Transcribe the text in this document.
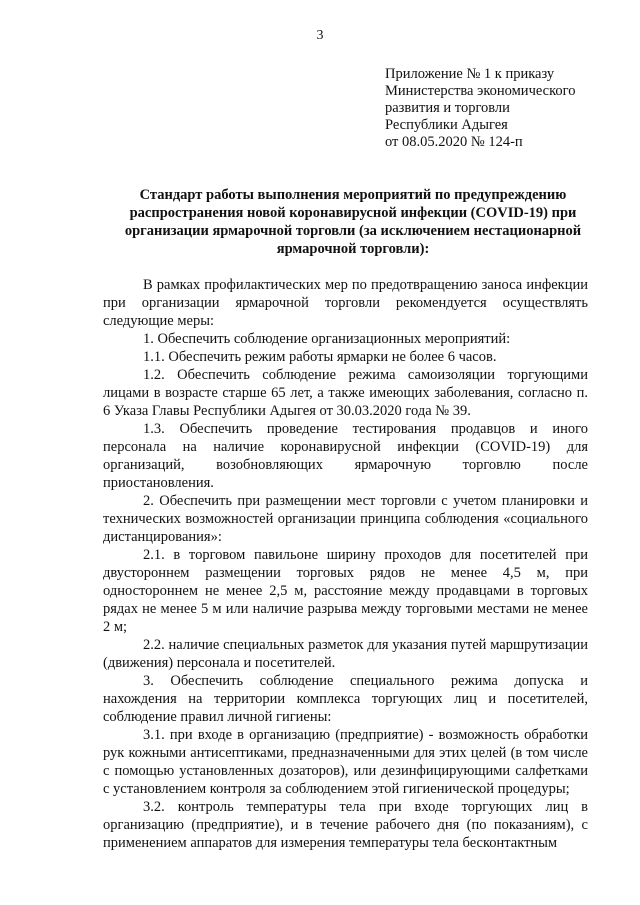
3
Приложение № 1 к приказу
Министерства экономического
развития и торговли
Республики Адыгея
от 08.05.2020 № 124-п
Стандарт работы выполнения мероприятий по предупреждению распространения новой коронавирусной инфекции (COVID-19) при организации ярмарочной торговли (за исключением нестационарной ярмарочной торговли):

В рамках профилактических мер по предотвращению заноса инфекции при организации ярмарочной торговли рекомендуется осуществлять следующие меры:

1. Обеспечить соблюдение организационных мероприятий:

1.1. Обеспечить режим работы ярмарки не более 6 часов.

1.2. Обеспечить соблюдение режима самоизоляции торгующими лицами в возрасте старше 65 лет, а также имеющих заболевания, согласно п. 6 Указа Главы Республики Адыгея от 30.03.2020 года № 39.

1.3. Обеспечить проведение тестирования продавцов и иного персонала на наличие коронавирусной инфекции (COVID-19) для организаций, возобновляющих ярмарочную торговлю после приостановления.

2. Обеспечить при размещении мест торговли с учетом планировки и технических возможностей организации принципа соблюдения «социального дистанцирования»:

2.1. в торговом павильоне ширину проходов для посетителей при двустороннем размещении торговых рядов не менее 4,5 м, при одностороннем не менее 2,5 м, расстояние между продавцами в торговых рядах не менее 5 м или наличие разрыва между торговыми местами не менее 2 м;

2.2. наличие специальных разметок для указания путей маршрутизации (движения) персонала и посетителей.

3. Обеспечить соблюдение специального режима допуска и нахождения на территории комплекса торгующих лиц и посетителей, соблюдение правил личной гигиены:

3.1. при входе в организацию (предприятие) - возможность обработки рук кожными антисептиками, предназначенными для этих целей (в том числе с помощью установленных дозаторов), или дезинфицирующими салфетками с установлением контроля за соблюдением этой гигиенической процедуры;

3.2. контроль температуры тела при входе торгующих лиц в организацию (предприятие), и в течение рабочего дня (по показаниям), с применением аппаратов для измерения температуры тела бесконтактным
